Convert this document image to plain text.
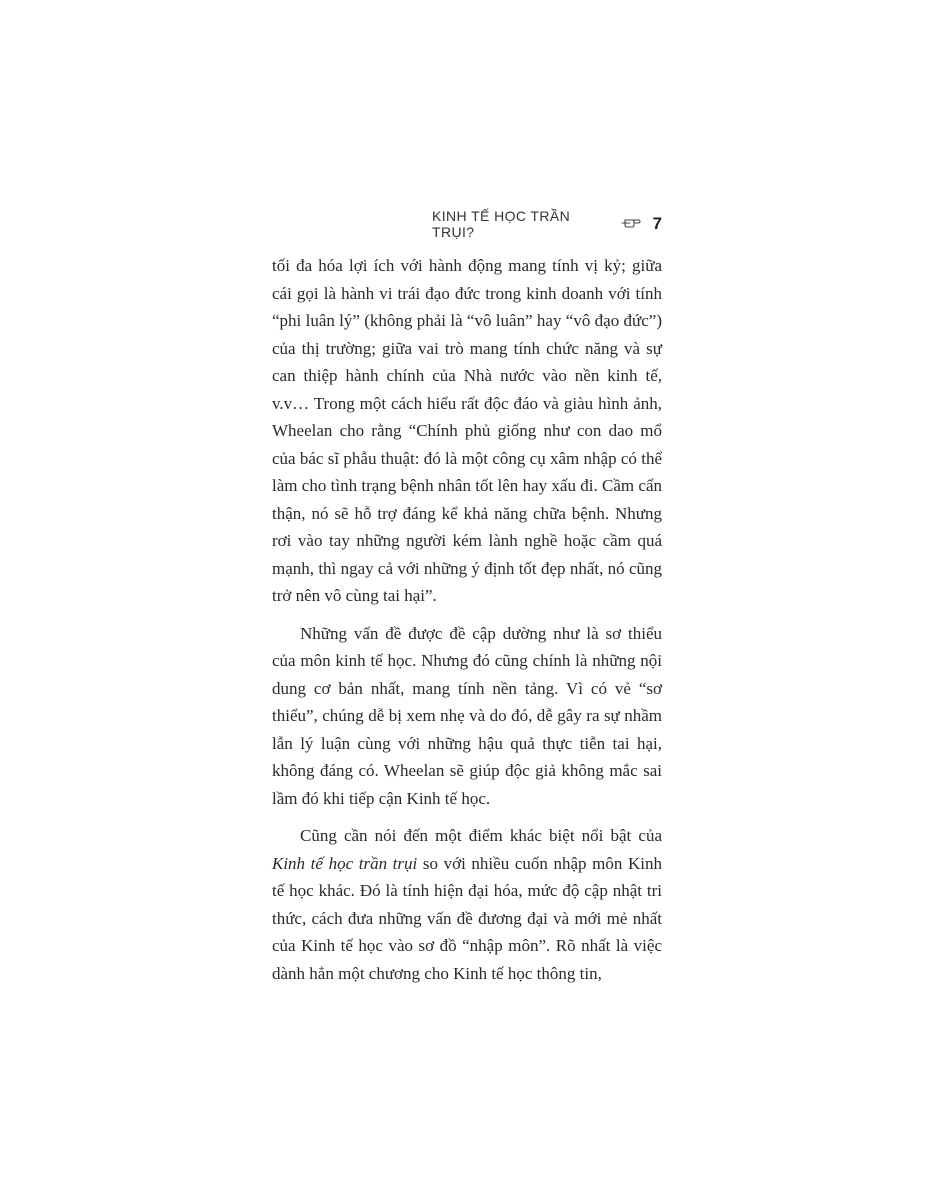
KINH TẾ HỌC TRẦN TRỤI?	7

tối đa hóa lợi ích với hành động mang tính vị kỷ; giữa cái gọi là hành vi trái đạo đức trong kinh doanh với tính “phi luân lý” (không phải là “vô luân” hay “vô đạo đức”) của thị trường; giữa vai trò mang tính chức năng và sự can thiệp hành chính của Nhà nước vào nền kinh tế, v.v… Trong một cách hiểu rất độc đáo và giàu hình ảnh, Wheelan cho rằng “Chính phủ giống như con dao mổ của bác sĩ phẫu thuật: đó là một công cụ xâm nhập có thể làm cho tình trạng bệnh nhân tốt lên hay xấu đi. Cầm cẩn thận, nó sẽ hỗ trợ đáng kể khả năng chữa bệnh. Nhưng rơi vào tay những người kém lành nghề hoặc cầm quá mạnh, thì ngay cả với những ý định tốt đẹp nhất, nó cũng trở nên vô cùng tai hại”.

Những vấn đề được đề cập dường như là sơ thiểu của môn kinh tế học. Nhưng đó cũng chính là những nội dung cơ bản nhất, mang tính nền tảng. Vì có vẻ “sơ thiểu”, chúng dễ bị xem nhẹ và do đó, dễ gây ra sự nhầm lẫn lý luận cùng với những hậu quả thực tiễn tai hại, không đáng có. Wheelan sẽ giúp độc giả không mắc sai lầm đó khi tiếp cận Kinh tế học.

Cũng cần nói đến một điểm khác biệt nổi bật của Kinh tế học trần trụi so với nhiều cuốn nhập môn Kinh tế học khác. Đó là tính hiện đại hóa, mức độ cập nhật tri thức, cách đưa những vấn đề đương đại và mới mẻ nhất của Kinh tế học vào sơ đồ “nhập môn”. Rõ nhất là việc dành hẳn một chương cho Kinh tế học thông tin,
